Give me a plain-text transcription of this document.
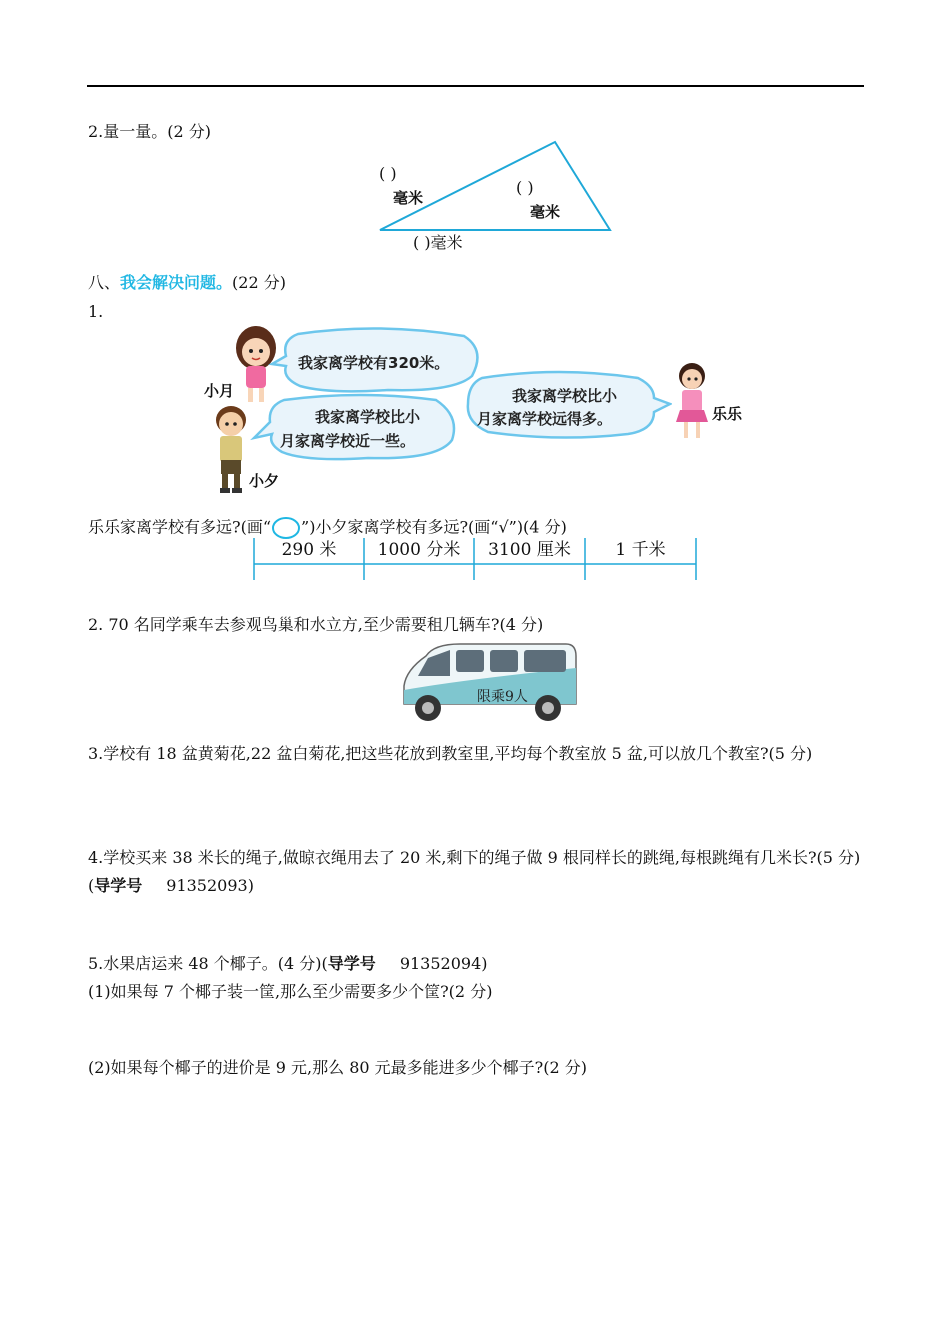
2.量一量。(2 分)
( )
毫米
( )
毫米
( )毫米
八、我会解决问题。(22 分)
1.
小月
小夕
乐乐
我家离学校有320米。
我家离学校比小
月家离学校近一些。
我家离学校比小
月家离学校远得多。
乐乐家离学校有多远?(画“ ”)小夕家离学校有多远?(画“√”)(4 分)
290 米	1000 分米	3100 厘米	1 千米
2. 70 名同学乘车去参观鸟巢和水立方,至少需要租几辆车?(4 分)
限乘9人
3.学校有 18 盆黄菊花,22 盆白菊花,把这些花放到教室里,平均每个教室放 5 盆,可以放几个教室?(5 分)
4.学校买来 38 米长的绳子,做晾衣绳用去了 20 米,剩下的绳子做 9 根同样长的跳绳,每根跳绳有几米长?(5 分)
(导学号 91352093)
5.水果店运来 48 个椰子。(4 分)(导学号 91352094)
(1)如果每 7 个椰子装一筐,那么至少需要多少个筐?(2 分)
(2)如果每个椰子的进价是 9 元,那么 80 元最多能进多少个椰子?(2 分)
